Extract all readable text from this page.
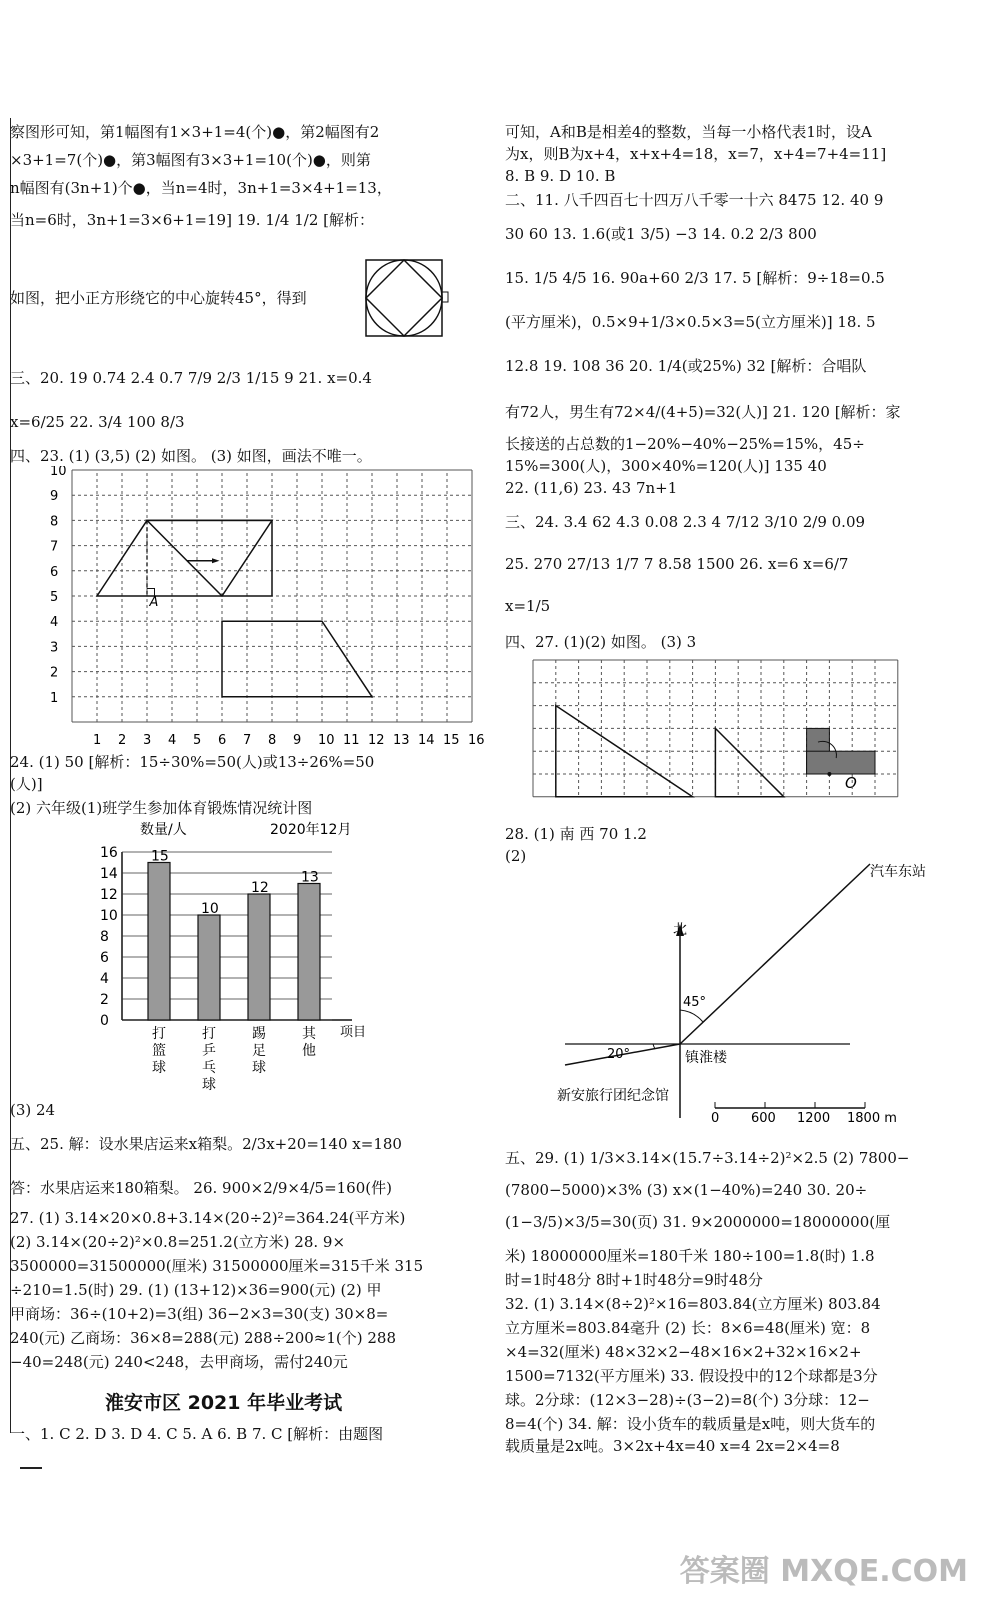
察图形可知，第1幅图有1×3+1=4(个)●，第2幅图有2
×3+1=7(个)●，第3幅图有3×3+1=10(个)●，则第
n幅图有(3n+1)个●，当n=4时，3n+1=3×4+1=13，
当n=6时，3n+1=3×6+1=19] 19. 1/4 1/2 [解析：
如图，把小正方形绕它的中心旋转45°，得到
三、20. 19 0.74 2.4 0.7 7/9 2/3 1/15 9 21. x=0.4
x=6/25 22. 3/4 100 8/3
四、23. (1) (3,5) (2) 如图。 (3) 如图，画法不唯一。
24. (1) 50 [解析：15÷30%=50(人)或13÷26%=50
(人)]
(2) 六年级(1)班学生参加体育锻炼情况统计图
(3) 24
五、25. 解：设水果店运来x箱梨。2/3x+20=140 x=180
答：水果店运来180箱梨。 26. 900×2/9×4/5=160(件)
27. (1) 3.14×20×0.8+3.14×(20÷2)²=364.24(平方米)
(2) 3.14×(20÷2)²×0.8=251.2(立方米) 28. 9×
3500000=31500000(厘米) 31500000厘米=315千米 315
÷210=1.5(时) 29. (1) (13+12)×36=900(元) (2) 甲
甲商场：36÷(10+2)=3(组) 36−2×3=30(支) 30×8=
240(元) 乙商场：36×8=288(元) 288÷200≈1(个) 288
−40=248(元) 240<248，去甲商场，需付240元
一、1. C 2. D 3. D 4. C 5. A 6. B 7. C [解析：由题图
1 2 3 4 5 6 7 8 9 10 11 12 13 14 15 16
1
2
3
4
5
6
7
8
9
10
A
数量/人	2020年12月
项目
0
2
4
6
8
10
12
14
16 15
打
篮
球
10
打
乒
乓
球
12
踢
足
球
13
其
他
淮安市区 2021 年毕业考试
可知，A和B是相差4的整数，当每一小格代表1时，设A
为x，则B为x+4，x+x+4=18，x=7，x+4=7+4=11]
8. B 9. D 10. B
二、11. 八千四百七十四万八千零一十六 8475 12. 40 9
30 60 13. 1.6(或1 3/5) −3 14. 0.2 2/3 800
15. 1/5 4/5 16. 90a+60 2/3 17. 5 [解析：9÷18=0.5
(平方厘米)，0.5×9+1/3×0.5×3=5(立方厘米)] 18. 5
12.8 19. 108 36 20. 1/4(或25%) 32 [解析：合唱队
有72人，男生有72×4/(4+5)=32(人)] 21. 120 [解析：家
长接送的占总数的1−20%−40%−25%=15%，45÷
15%=300(人)，300×40%=120(人)] 135 40
22. (11,6) 23. 43 7n+1
三、24. 3.4 62 4.3 0.08 2.3 4 7/12 3/10 2/9 0.09
25. 270 27/13 1/7 7 8.58 1500 26. x=6 x=6/7
x=1/5
四、27. (1)(2) 如图。 (3) 3
28. (1) 南 西 70 1.2
(2)
五、29. (1) 1/3×3.14×(15.7÷3.14÷2)²×2.5 (2) 7800−
(7800−5000)×3% (3) x×(1−40%)=240 30. 20÷
(1−3/5)×3/5=30(页) 31. 9×2000000=18000000(厘
米) 18000000厘米=180千米 180÷100=1.8(时) 1.8
时=1时48分 8时+1时48分=9时48分
32. (1) 3.14×(8÷2)²×16=803.84(立方厘米) 803.84
立方厘米=803.84毫升 (2) 长：8×6=48(厘米) 宽：8
×4=32(厘米) 48×32×2−48×16×2+32×16×2+
1500=7132(平方厘米) 33. 假设投中的12个球都是3分
球。2分球：(12×3−28)÷(3−2)=8(个) 3分球：12−
8=4(个) 34. 解：设小货车的载质量是x吨，则大货车的
载质量是2x吨。3×2x+4x=40 x=4 2x=2×4=8
O
北
45°
20°	镇淮楼
汽车东站
新安旅行团纪念馆
0 600 1200 1800 m
答案圈 MXQE.COM
